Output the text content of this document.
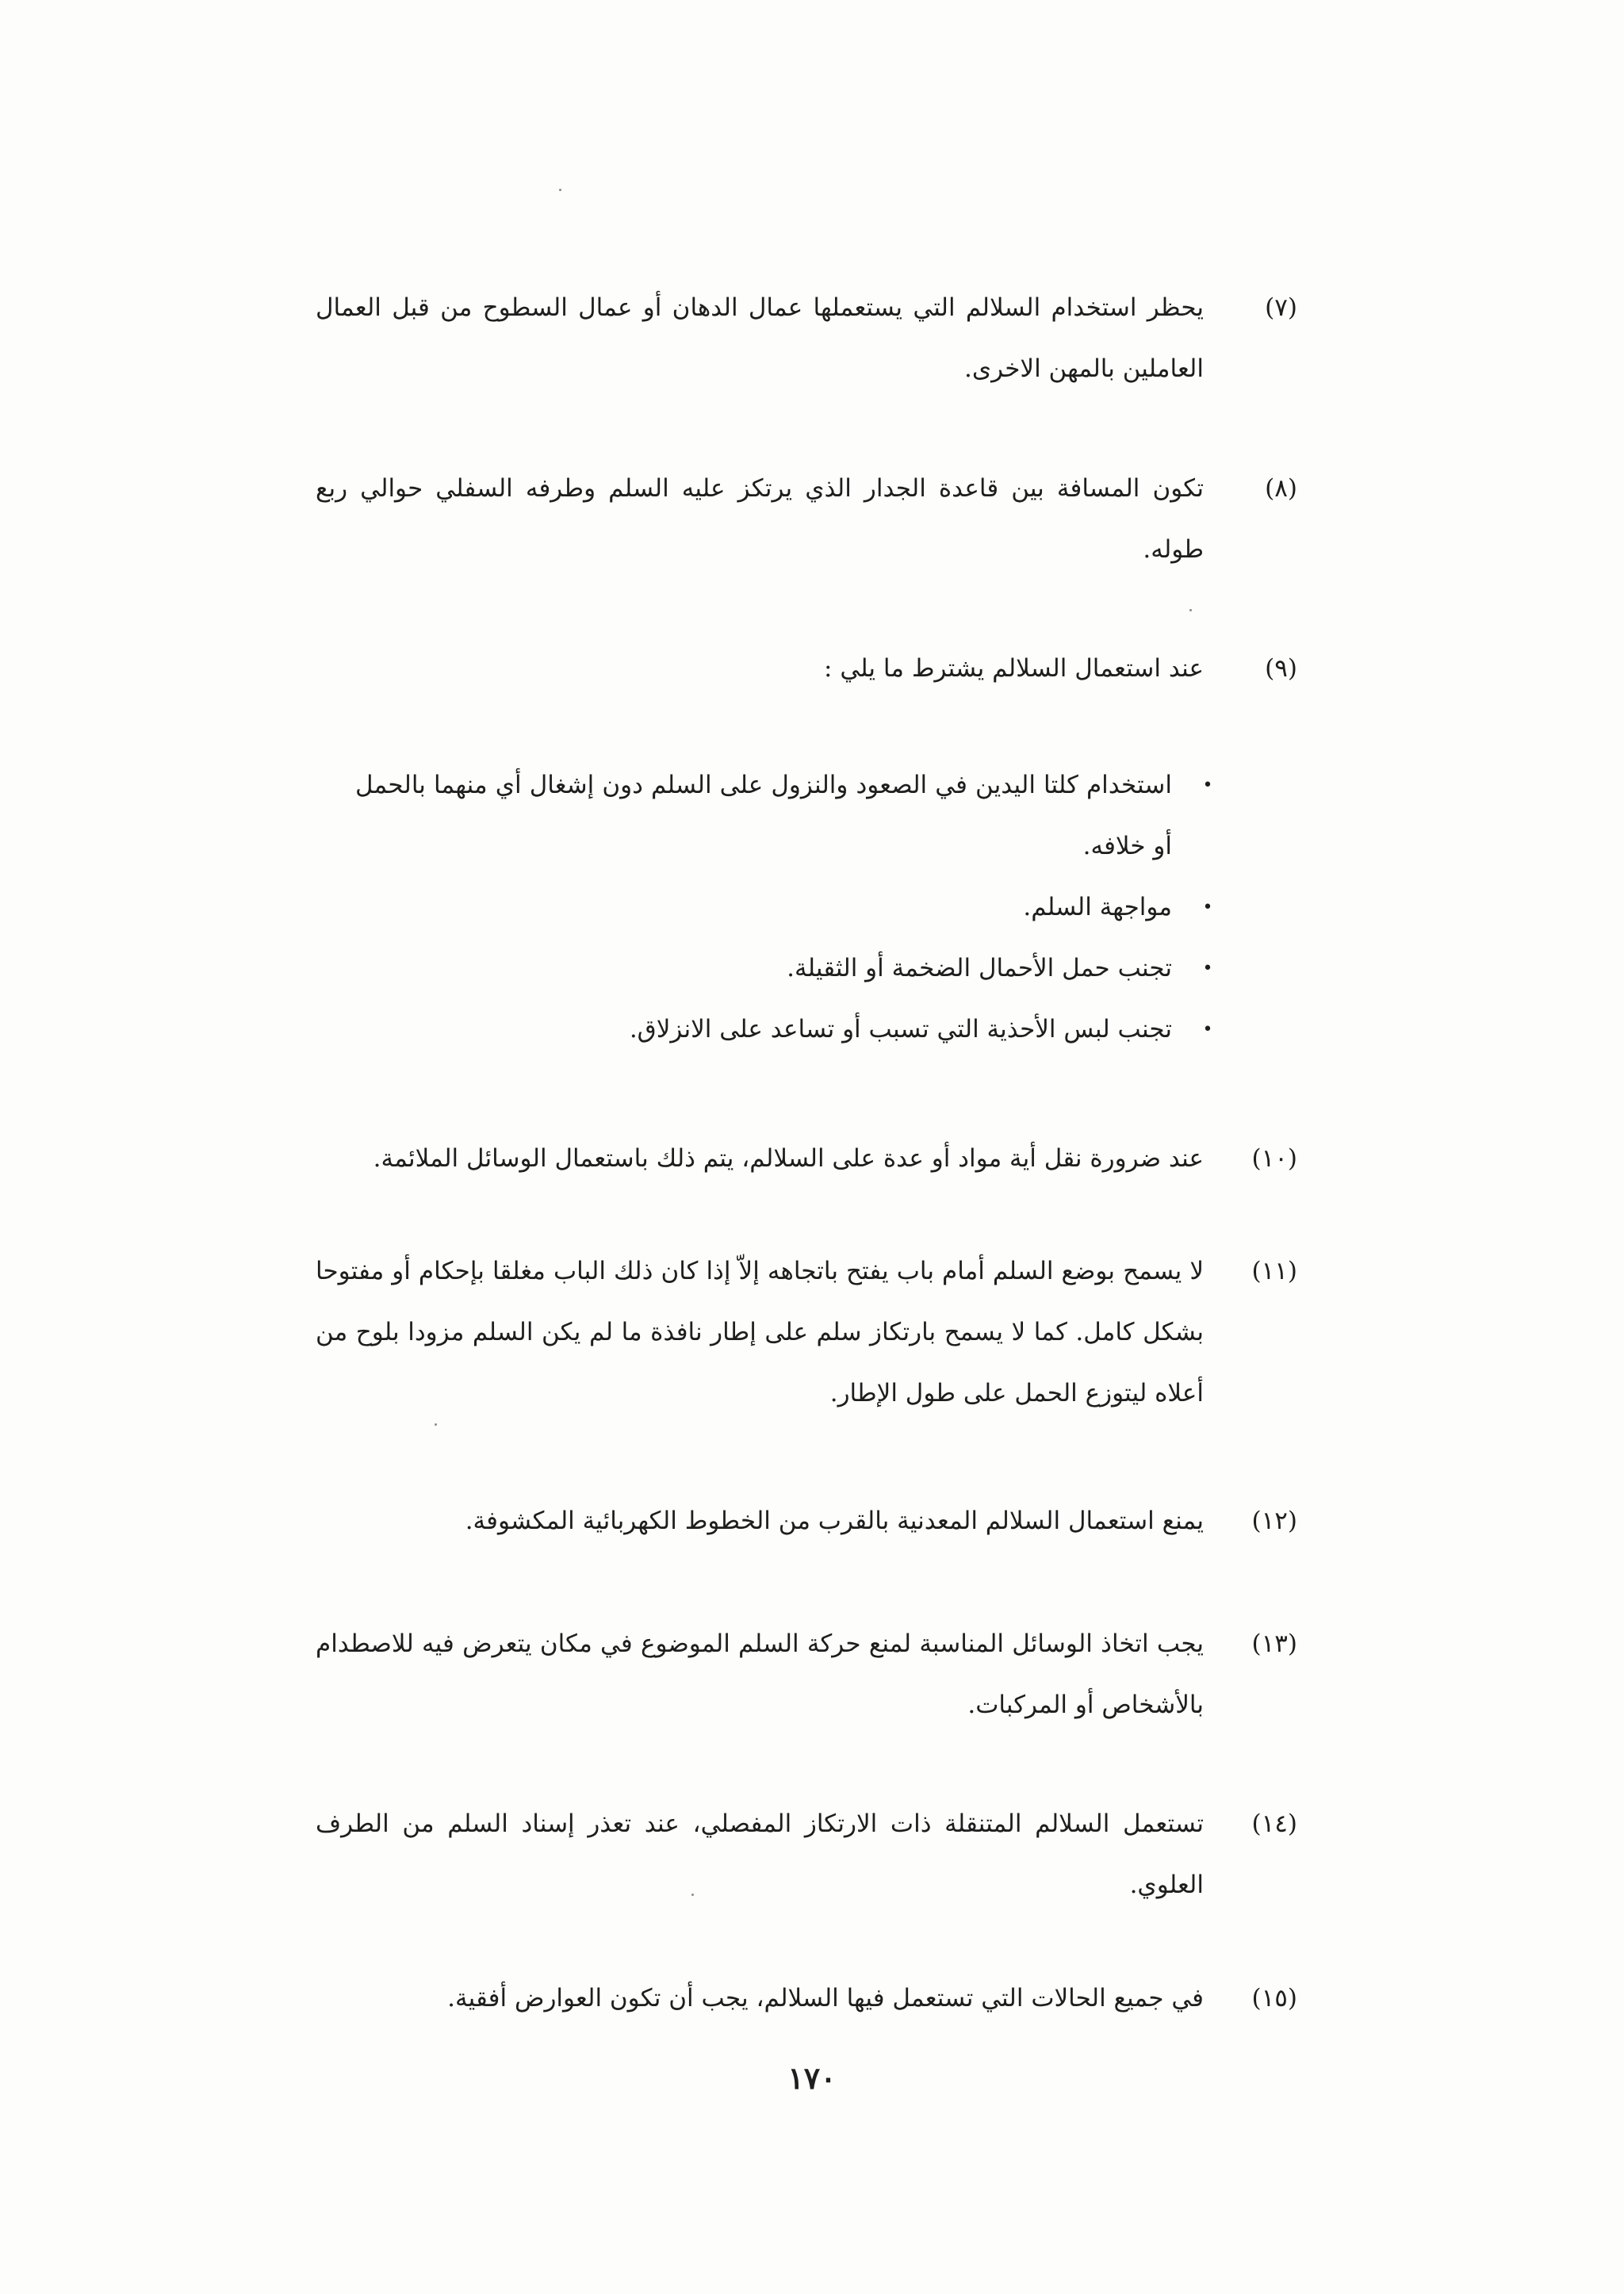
(٧)
يحظر استخدام السلالم التي يستعملها عمال الدهان أو عمال السطوح من قبل العمال العاملين بالمهن الاخرى.
(٨)
تكون المسافة بين قاعدة الجدار الذي يرتكز عليه السلم وطرفه السفلي حوالي ربع طوله.
(٩)
عند استعمال السلالم يشترط ما يلي :
•
استخدام كلتا اليدين في الصعود والنزول على السلم دون إشغال أي منهما بالحمل أو خلافه.
•
مواجهة السلم.
•
تجنب حمل الأحمال الضخمة أو الثقيلة.
•
تجنب لبس الأحذية التي تسبب أو تساعد على الانزلاق.
(١٠)
عند ضرورة نقل أية مواد أو عدة على السلالم، يتم ذلك باستعمال الوسائل الملائمة.
(١١)
لا يسمح بوضع السلم أمام باب يفتح باتجاهه إلاّ إذا كان ذلك الباب مغلقا بإحكام أو مفتوحا بشكل كامل. كما لا يسمح بارتكاز سلم على إطار نافذة ما لم يكن السلم مزودا بلوح من أعلاه ليتوزع الحمل على طول الإطار.
(١٢)
يمنع استعمال السلالم المعدنية بالقرب من الخطوط الكهربائية المكشوفة.
(١٣)
يجب اتخاذ الوسائل المناسبة لمنع حركة السلم الموضوع في مكان يتعرض فيه للاصطدام بالأشخاص أو المركبات.
(١٤)
تستعمل السلالم المتنقلة ذات الارتكاز المفصلي، عند تعذر إسناد السلم من الطرف العلوي.
(١٥)
في جميع الحالات التي تستعمل فيها السلالم، يجب أن تكون العوارض أفقية.
١٧٠
